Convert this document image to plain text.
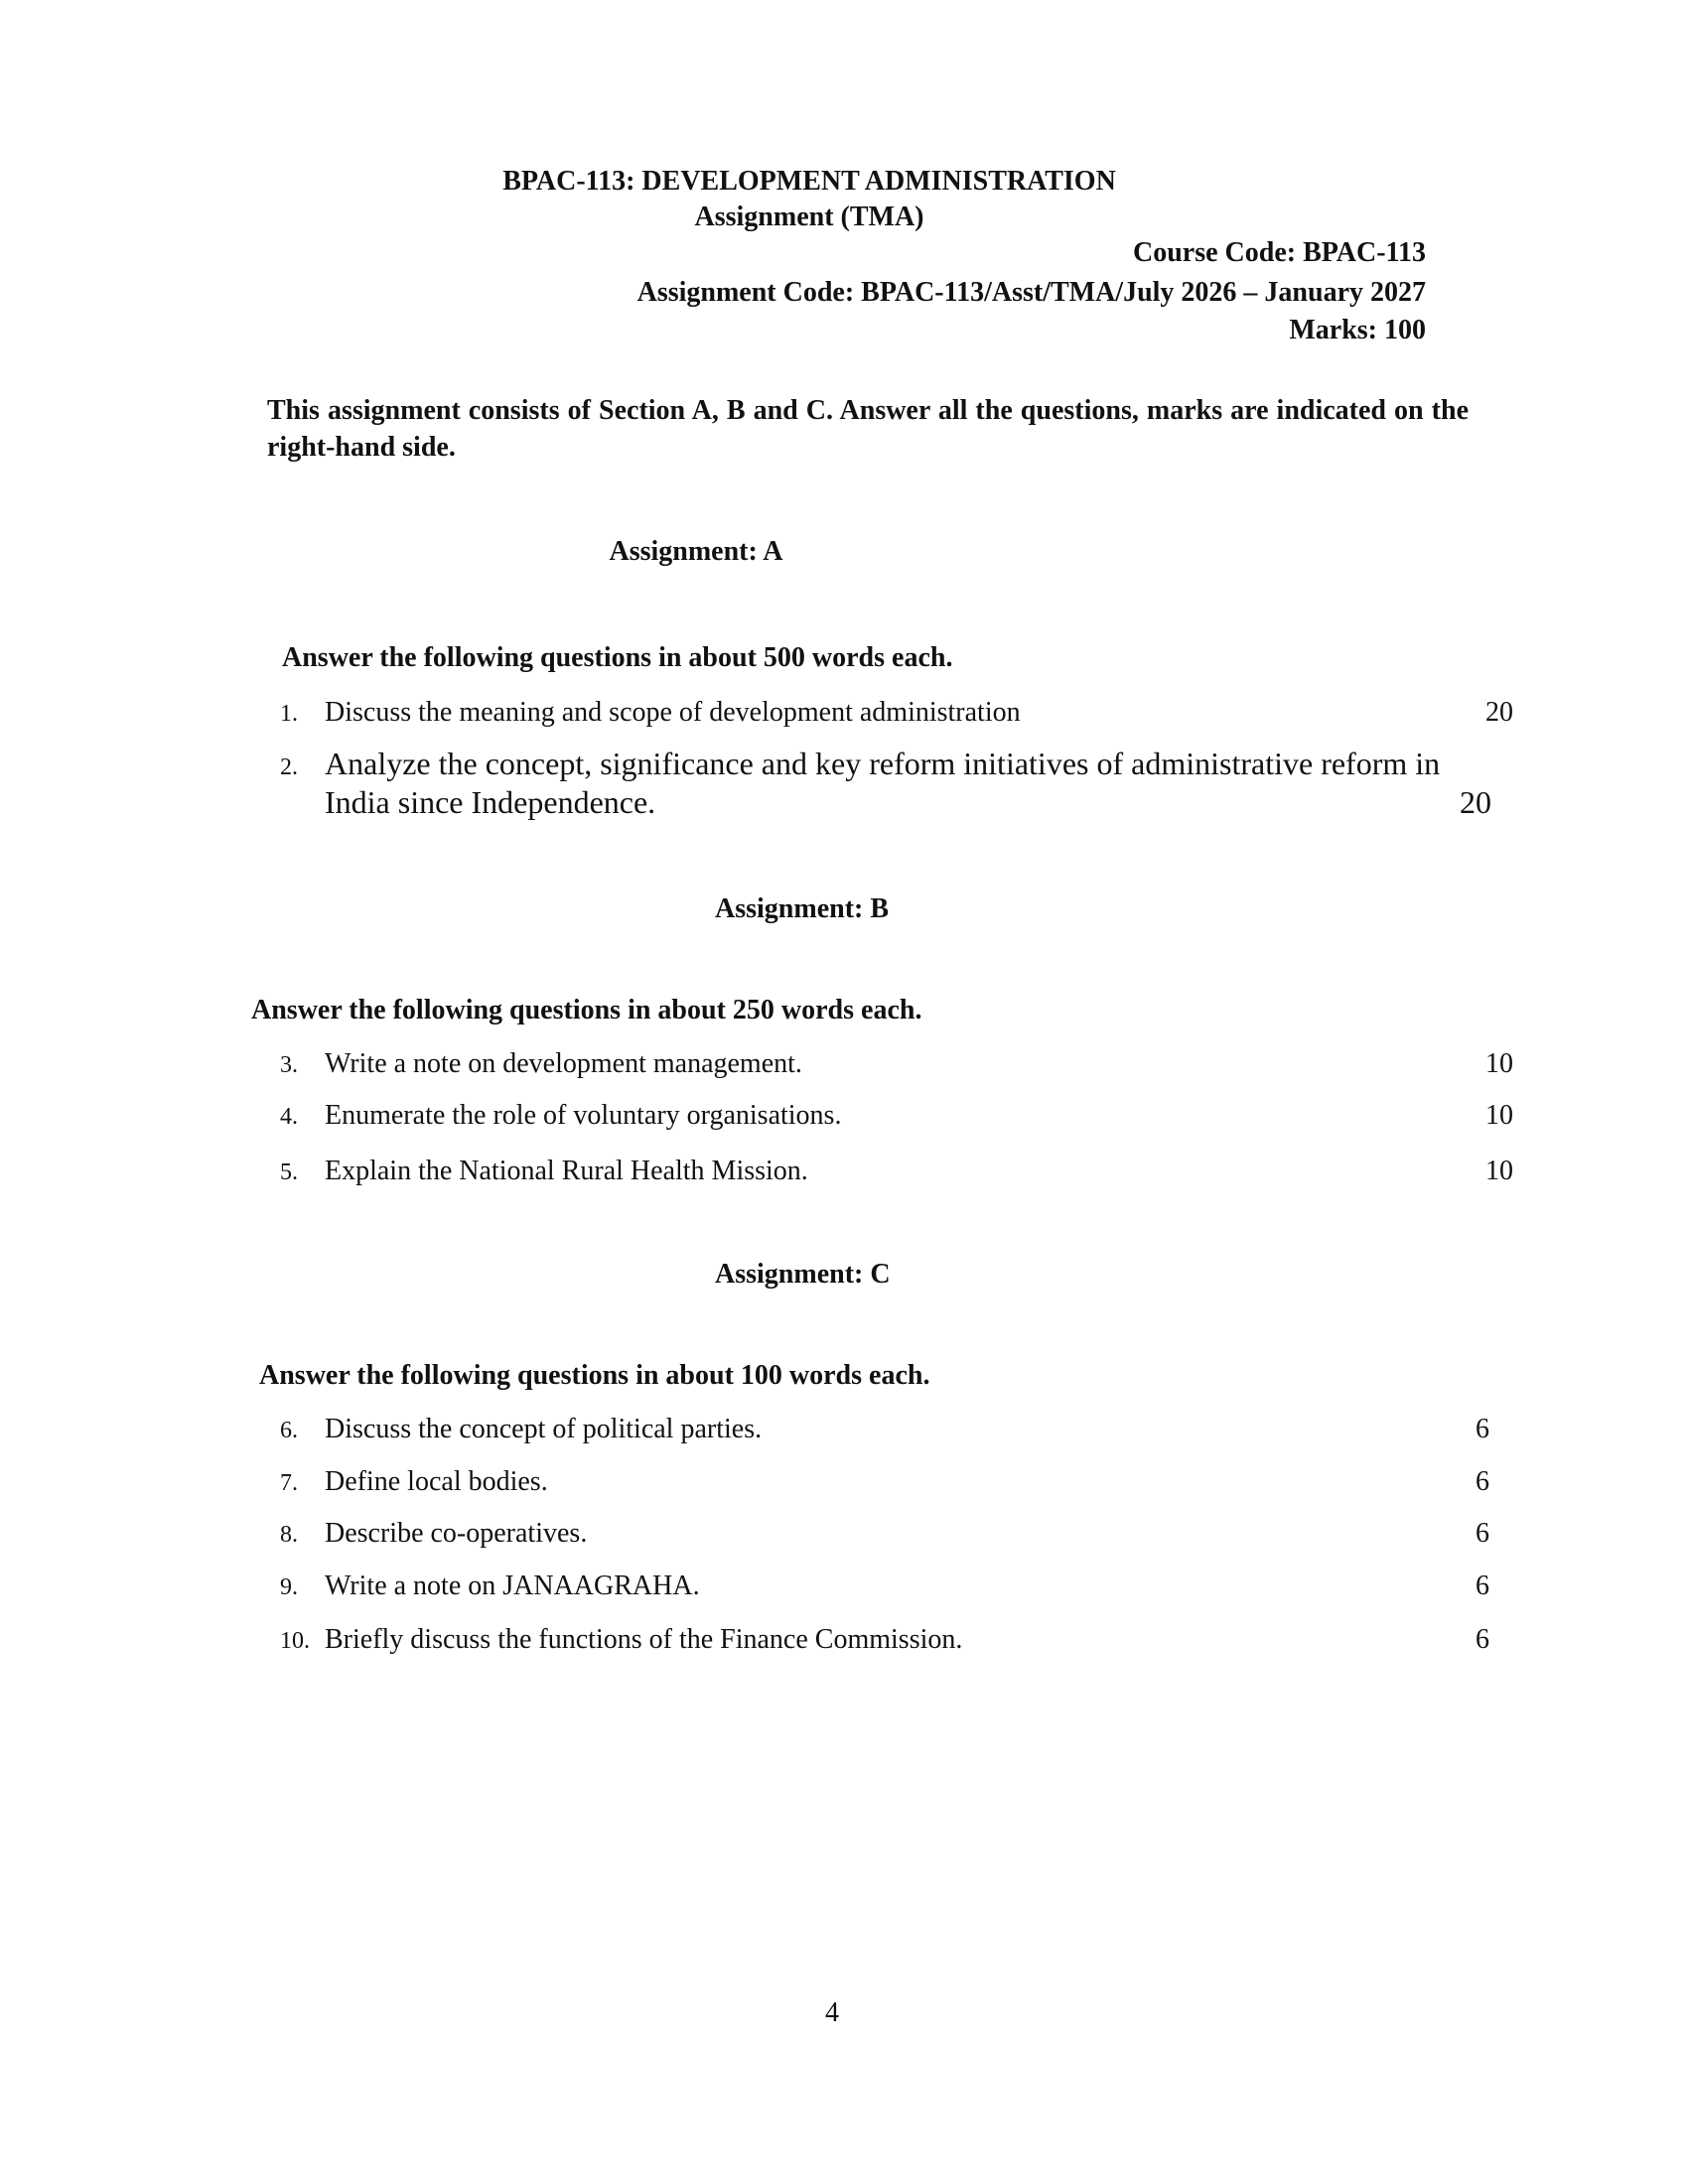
BPAC-113: DEVELOPMENT ADMINISTRATION
Assignment (TMA)
Course Code: BPAC-113
Assignment Code: BPAC-113/Asst/TMA/July 2026 – January 2027
Marks: 100
This assignment consists of Section A, B and C. Answer all the questions, marks are indicated on the right-hand side.
Assignment: A
Answer the following questions in about 500 words each.
1. Discuss the meaning and scope of development administration	20
2. Analyze the concept, significance and key reform initiatives of administrative reform in India since Independence.	20
Assignment: B
Answer the following questions in about 250 words each.
3. Write a note on development management.	10
4. Enumerate the role of voluntary organisations.	10
5. Explain the National Rural Health Mission.	10
Assignment: C
Answer the following questions in about 100 words each.
6. Discuss the concept of political parties.	6
7. Define local bodies.	6
8. Describe co-operatives.	6
9. Write a note on JANAAGRAHA.	6
10. Briefly discuss the functions of the Finance Commission.	6
4
